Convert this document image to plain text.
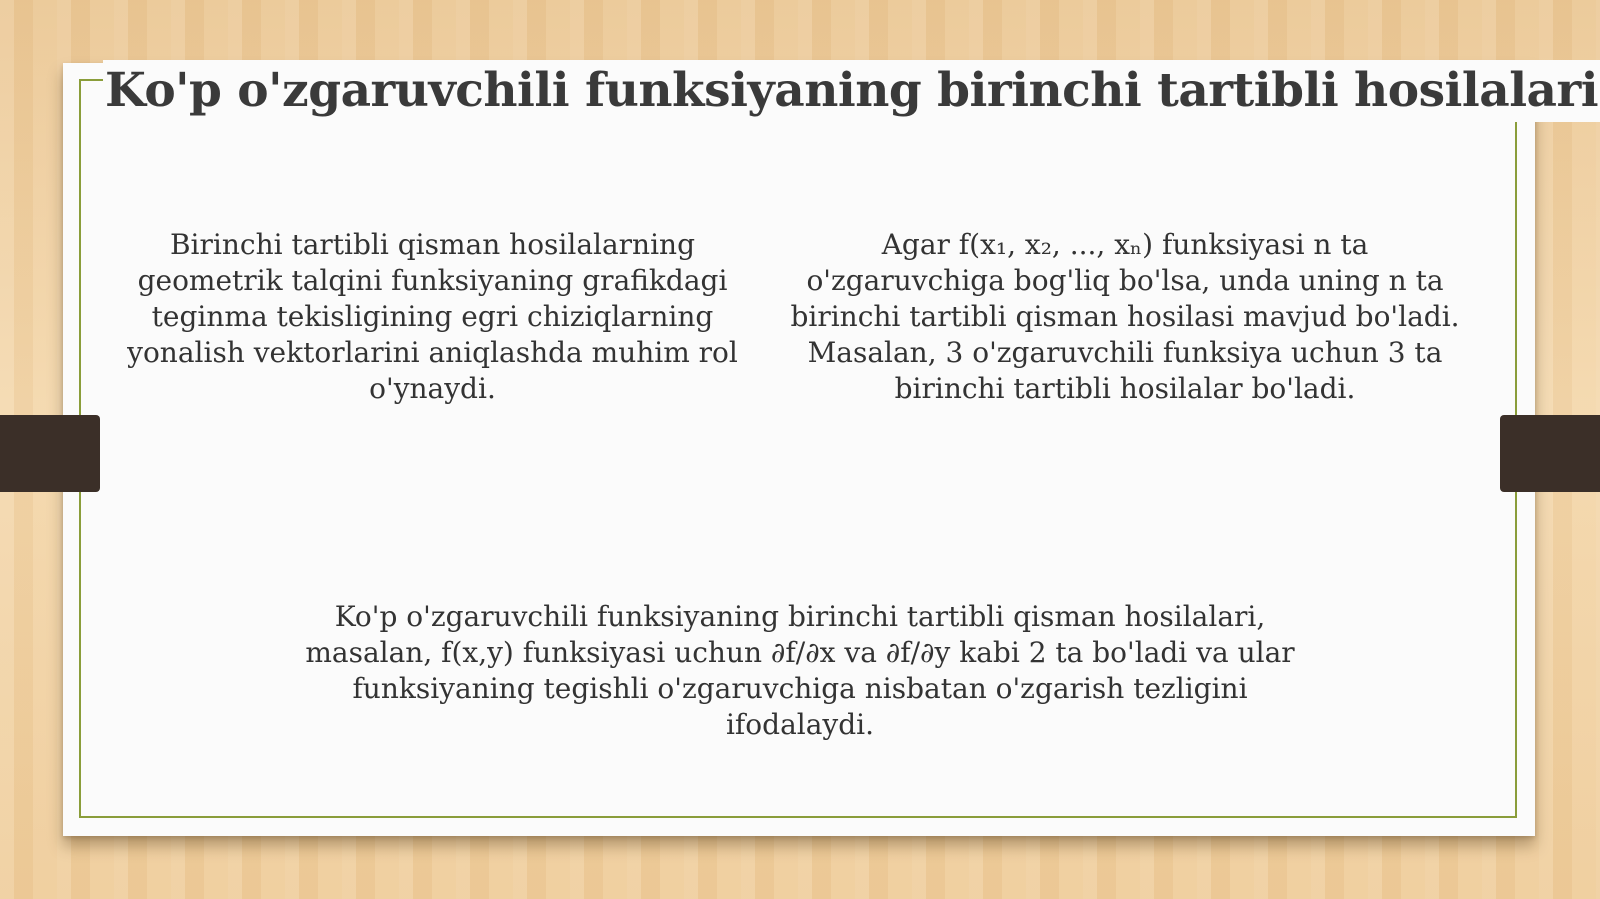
Ko'p o'zgaruvchili funksiyaning birinchi tartibli hosilalari

Birinchi tartibli qisman hosilalarning geometrik talqini funksiyaning grafikdagi teginma tekisligining egri chiziqlarning yonalish vektorlarini aniqlashda muhim rol o'ynaydi.

Agar f(x₁, x₂, ..., xₙ) funksiyasi n ta o'zgaruvchiga bog'liq bo'lsa, unda uning n ta birinchi tartibli qisman hosilasi mavjud bo'ladi. Masalan, 3 o'zgaruvchili funksiya uchun 3 ta birinchi tartibli hosilalar bo'ladi.

Ko'p o'zgaruvchili funksiyaning birinchi tartibli qisman hosilalari, masalan, f(x,y) funksiyasi uchun ∂f/∂x va ∂f/∂y kabi 2 ta bo'ladi va ular funksiyaning tegishli o'zgaruvchiga nisbatan o'zgarish tezligini ifodalaydi.
